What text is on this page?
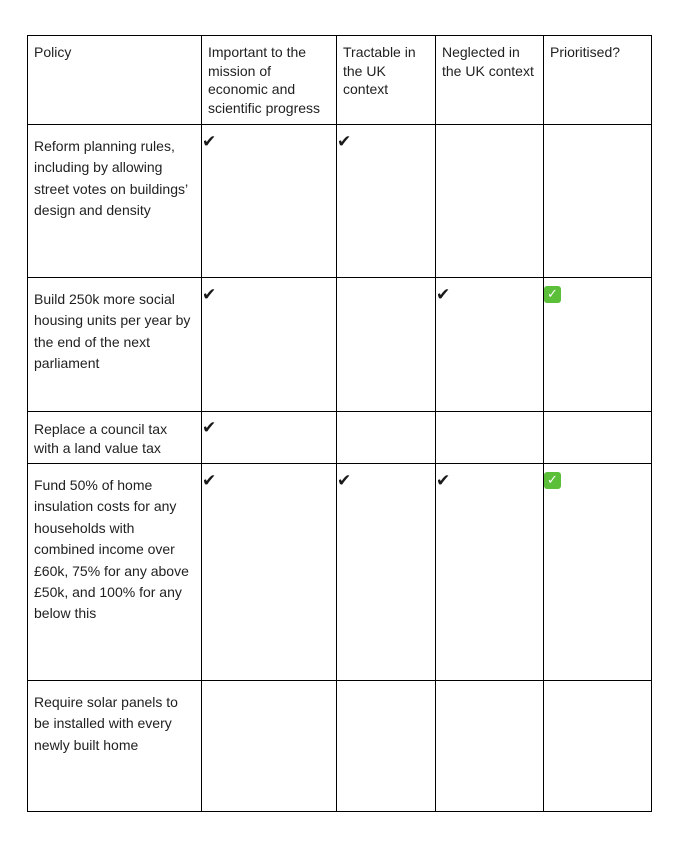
Policy	Important to the mission of economic and scientific progress	Tractable in the UK context	Neglected in the UK context	Prioritised?

Reform planning rules, including by allowing street votes on buildings’ design and density	✔	✔		

Build 250k more social housing units per year by the end of the next parliament	✔		✔	✓

Replace a council tax with a land value tax	✔			

Fund 50% of home insulation costs for any households with combined income over £60k, 75% for any above £50k, and 100% for any below this	✔	✔	✔	✓

Require solar panels to be installed with every newly built home				
